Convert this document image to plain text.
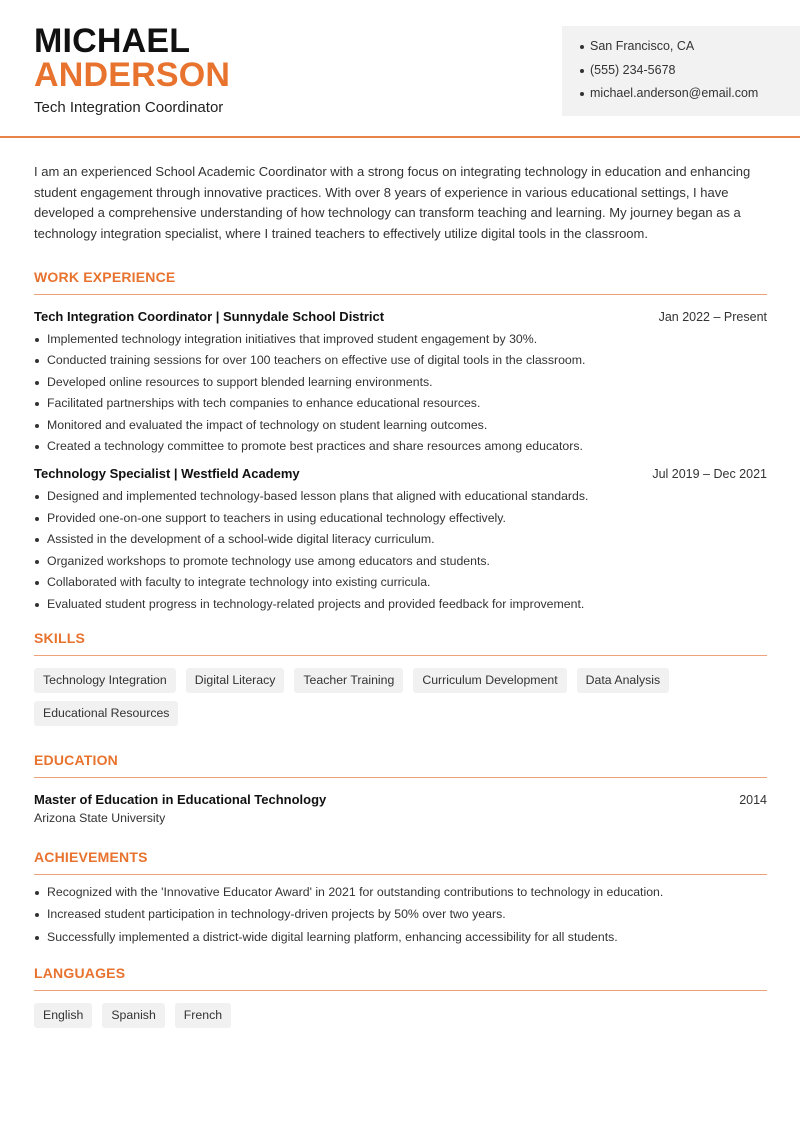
MICHAEL
ANDERSON
Tech Integration Coordinator
San Francisco, CA
(555) 234-5678
michael.anderson@email.com

I am an experienced School Academic Coordinator with a strong focus on integrating technology in education and enhancing student engagement through innovative practices. With over 8 years of experience in various educational settings, I have developed a comprehensive understanding of how technology can transform teaching and learning. My journey began as a technology integration specialist, where I trained teachers to effectively utilize digital tools in the classroom.

WORK EXPERIENCE
Tech Integration Coordinator | Sunnydale School District	Jan 2022 – Present
Implemented technology integration initiatives that improved student engagement by 30%.
Conducted training sessions for over 100 teachers on effective use of digital tools in the classroom.
Developed online resources to support blended learning environments.
Facilitated partnerships with tech companies to enhance educational resources.
Monitored and evaluated the impact of technology on student learning outcomes.
Created a technology committee to promote best practices and share resources among educators.
Technology Specialist | Westfield Academy	Jul 2019 – Dec 2021
Designed and implemented technology-based lesson plans that aligned with educational standards.
Provided one-on-one support to teachers in using educational technology effectively.
Assisted in the development of a school-wide digital literacy curriculum.
Organized workshops to promote technology use among educators and students.
Collaborated with faculty to integrate technology into existing curricula.
Evaluated student progress in technology-related projects and provided feedback for improvement.
SKILLS
Technology Integration	Digital Literacy	Teacher Training	Curriculum Development	Data Analysis
Educational Resources
EDUCATION
Master of Education in Educational Technology	2014
Arizona State University
ACHIEVEMENTS
Recognized with the 'Innovative Educator Award' in 2021 for outstanding contributions to technology in education.
Increased student participation in technology-driven projects by 50% over two years.
Successfully implemented a district-wide digital learning platform, enhancing accessibility for all students.
LANGUAGES
English	Spanish	French
